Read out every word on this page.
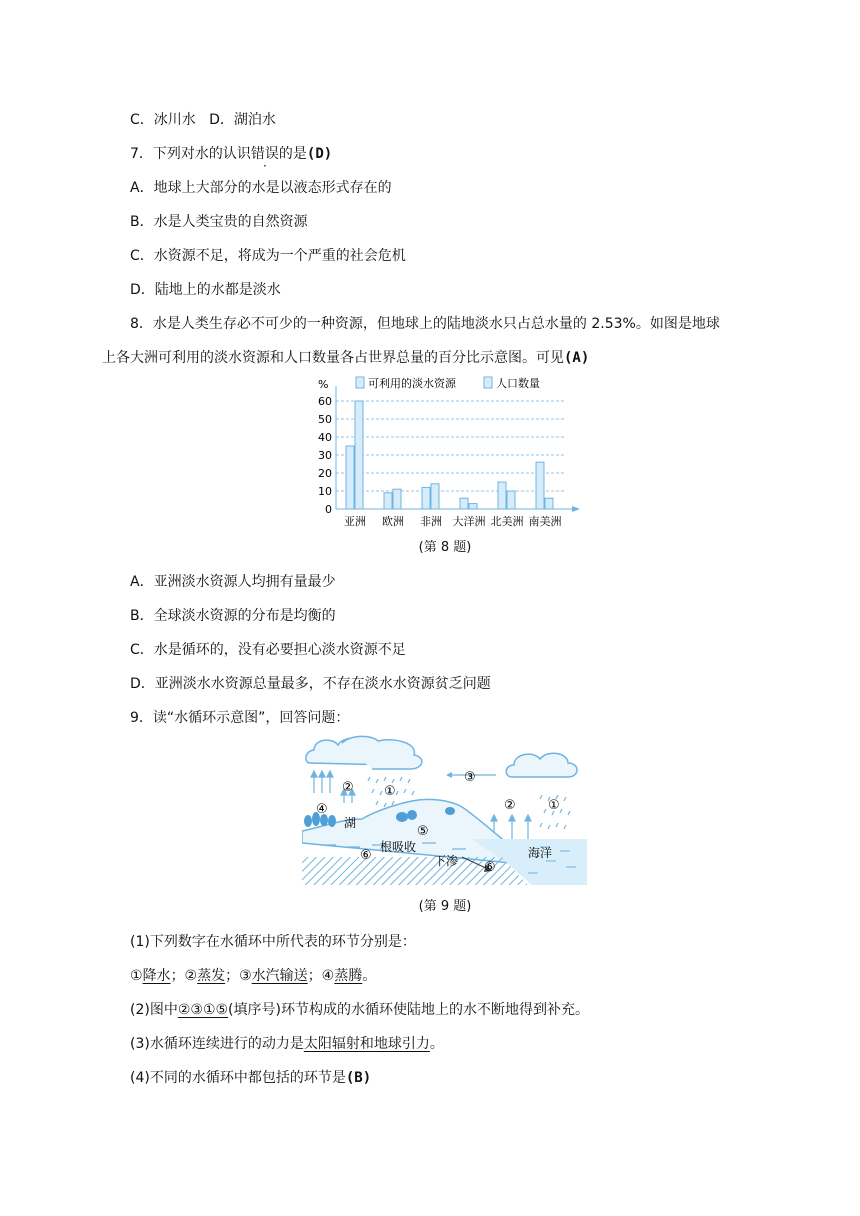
C．冰川水 D．湖泊水
7．下列对水的认识错误的是(D)
A．地球上大部分的水是以液态形式存在的
B．水是人类宝贵的自然资源
C．水资源不足，将成为一个严重的社会危机
D．陆地上的水都是淡水
8．水是人类生存必不可少的一种资源，但地球上的陆地淡水只占总水量的 2.53%。如图是地球
上各大洲可利用的淡水资源和人口数量各占世界总量的百分比示意图。可见(A)
0
10
20
30
40
50
60
亚洲 欧洲 非洲 大洋洲 北美洲 南美洲
可利用的淡水资源	人口数量
%
(第 8 题)
A．亚洲淡水资源人均拥有量最少
B．全球淡水资源的分布是均衡的
C．水是循环的，没有必要担心淡水资源不足
D．亚洲淡水水资源总量最多，不存在淡水水资源贫乏问题
9．读“水循环示意图”，回答问题：
①
②
③
④
⑤
⑥
①
②
⑥
湖
根吸收
下渗
海洋
(第 9 题)
(1)下列数字在水循环中所代表的环节分别是：
①降水；②蒸发；③水汽输送；④蒸腾。
(2)图中②③①⑤(填序号)环节构成的水循环使陆地上的水不断地得到补充。
(3)水循环连续进行的动力是太阳辐射和地球引力。
(4)不同的水循环中都包括的环节是(B)
